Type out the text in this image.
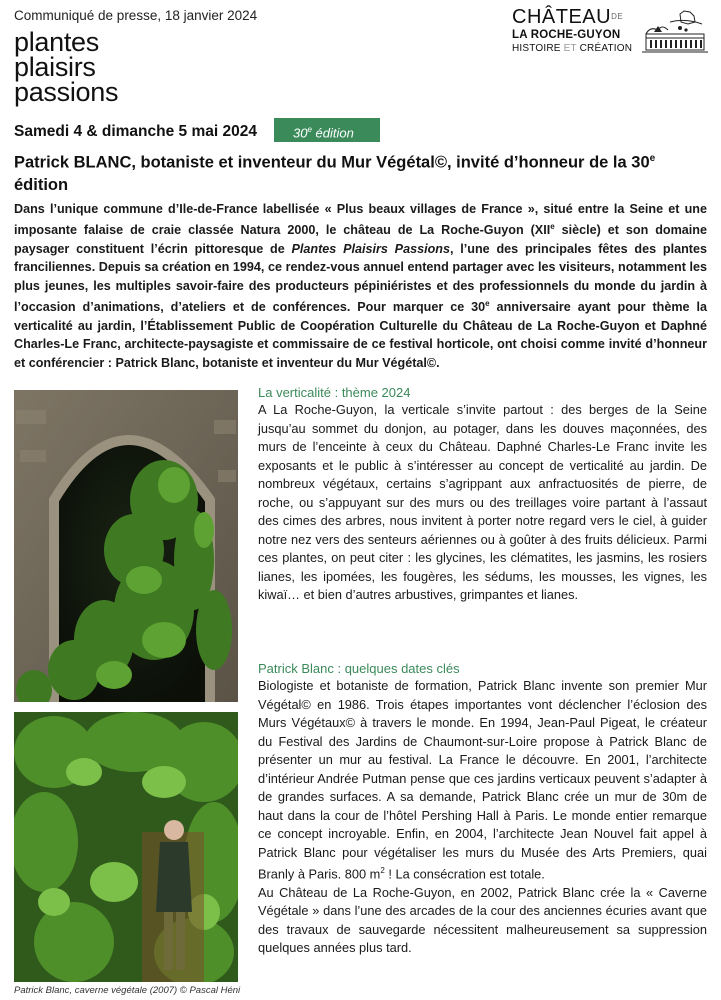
Communiqué de presse, 18 janvier 2024
plantes
plaisirs
passions
$CHÂTEAU^{DE}$
LA ROCHE-GUYON
HISTOIRE ET CRÉATION
Samedi 4 & dimanche 5 mai 2024	30e édition
Patrick BLANC, botaniste et inventeur du Mur Végétal©, invité d’honneur de la 30e édition

Dans l’unique commune d’Ile-de-France labellisée « Plus beaux villages de France », situé entre la Seine et une imposante falaise de craie classée Natura 2000, le château de La Roche-Guyon (XIIe siècle) et son domaine paysager constituent l’écrin pittoresque de Plantes Plaisirs Passions, l’une des principales fêtes des plantes franciliennes. Depuis sa création en 1994, ce rendez-vous annuel entend partager avec les visiteurs, notamment les plus jeunes, les multiples savoir-faire des producteurs pépiniéristes et des professionnels du monde du jardin à l’occasion d’animations, d’ateliers et de conférences. Pour marquer ce 30e anniversaire ayant pour thème la verticalité au jardin, l’Établissement Public de Coopération Culturelle du Château de La Roche-Guyon et Daphné Charles-Le Franc, architecte-paysagiste et commissaire de ce festival horticole, ont choisi comme invité d’honneur et conférencier : Patrick Blanc, botaniste et inventeur du Mur Végétal©.

Patrick Blanc, caverne végétale (2007) © Pascal Héni
La verticalité : thème 2024

A La Roche-Guyon, la verticale s’invite partout : des berges de la Seine jusqu’au sommet du donjon, au potager, dans les douves maçonnées, des murs de l’enceinte à ceux du Château. Daphné Charles-Le Franc invite les exposants et le public à s’intéresser au concept de verticalité au jardin. De nombreux végétaux, certains s’agrippant aux anfractuosités de pierre, de roche, ou s’appuyant sur des murs ou des treillages voire partant à l’assaut des cimes des arbres, nous invitent à porter notre regard vers le ciel, à guider notre nez vers des senteurs aériennes ou à goûter à des fruits délicieux. Parmi ces plantes, on peut citer : les glycines, les clématites, les jasmins, les rosiers lianes, les ipomées, les fougères, les sédums, les mousses, les vignes, les kiwaï… et bien d’autres arbustives, grimpantes et lianes.

Patrick Blanc : quelques dates clés

Biologiste et botaniste de formation, Patrick Blanc invente son premier Mur Végétal© en 1986. Trois étapes importantes vont déclencher l’éclosion des Murs Végétaux© à travers le monde. En 1994, Jean-Paul Pigeat, le créateur du Festival des Jardins de Chaumont-sur-Loire propose à Patrick Blanc de présenter un mur au festival. La France le découvre. En 2001, l’architecte d’intérieur Andrée Putman pense que ces jardins verticaux peuvent s’adapter à de grandes surfaces. A sa demande, Patrick Blanc crée un mur de 30m de haut dans la cour de l’hôtel Pershing Hall à Paris. Le monde entier remarque ce concept incroyable. Enfin, en 2004, l’architecte Jean Nouvel fait appel à Patrick Blanc pour végétaliser les murs du Musée des Arts Premiers, quai Branly à Paris. 800 $m^2$ ! La consécration est totale.

Au Château de La Roche-Guyon, en 2002, Patrick Blanc crée la « Caverne Végétale » dans l’une des arcades de la cour des anciennes écuries avant que des travaux de sauvegarde nécessitent malheureusement sa suppression quelques années plus tard.
